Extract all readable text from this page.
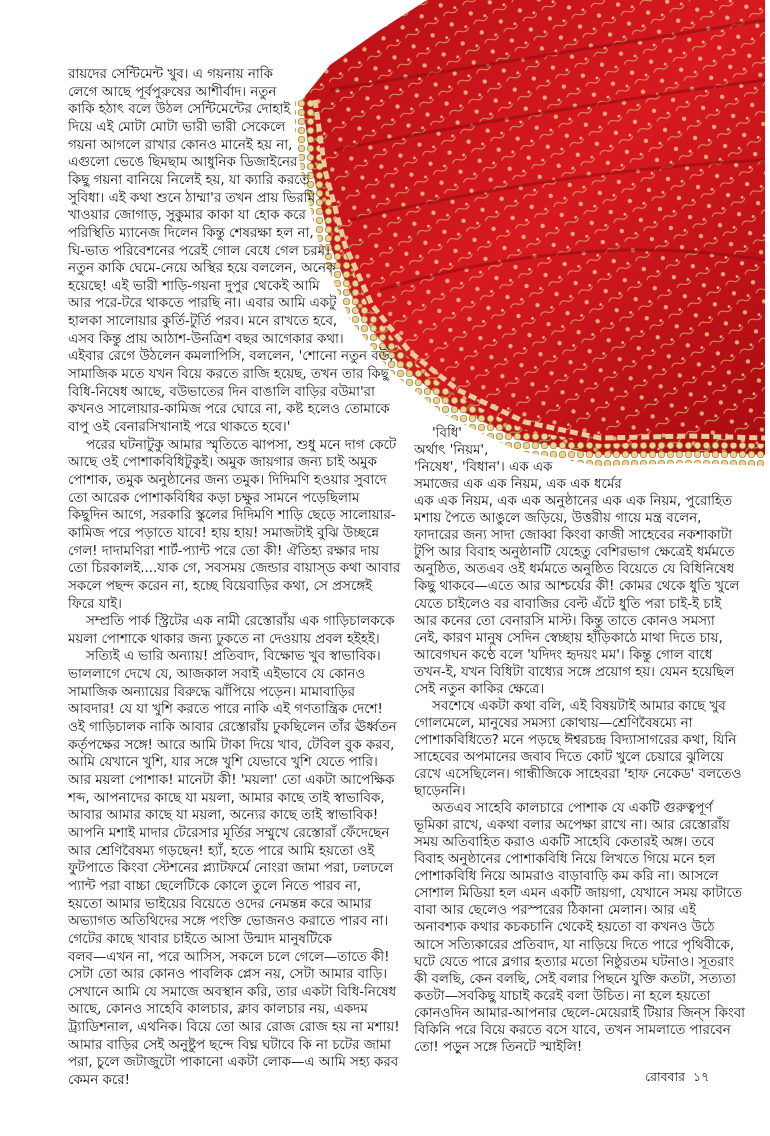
রায়দের সেন্টিমেন্ট খুব। এ গয়নায় নাকি
লেগে আছে পূর্বপুরুষের আশীর্বাদ। নতুন
কাকি হঠাৎ বলে উঠল সেন্টিমেন্টের দোহাই
দিয়ে এই মোটা মোটা ভারী ভারী সেকেলে
গয়না আগলে রাখার কোনও মানেই হয় না,
এগুলো ভেঙে ছিমছাম আধুনিক ডিজাইনের
কিছু গয়না বানিয়ে নিলেই হয়, যা ক্যারি করতে
সুবিধা। এই কথা শুনে ঠাম্মা'র তখন প্রায় ভিরমি
খাওয়ার জোগাড়, সুকুমার কাকা যা হোক করে
পরিস্থিতি ম্যানেজ দিলেন কিন্তু শেষরক্ষা হল না,
ঘি-ভাত পরিবেশনের পরেই গোল বেধে গেল চরম।
নতুন কাকি ঘেমে-নেয়ে অস্থির হয়ে বললেন, অনেক
হয়েছে! এই ভারী শাড়ি-গয়না দুপুর থেকেই আমি
আর পরে-টরে থাকতে পারছি না। এবার আমি একটু
হালকা সালোয়ার কুর্তি-টুর্তি পরব। মনে রাখতে হবে,
এসব কিন্তু প্রায় আঠাশ-উনত্রিশ বছর আগেকার কথা।
এইবার রেগে উঠলেন কমলাপিসি, বললেন, 'শোনো নতুন বউ,
সামাজিক মতে যখন বিয়ে করতে রাজি হয়েছ, তখন তার কিছু
বিধি-নিষেধ আছে, বউভাতের দিন বাঙালি বাড়ির বউমা'রা
কখনও সালোয়ার-কামিজ পরে ঘোরে না, কষ্ট হলেও তোমাকে
বাপু ওই বেনারসিখানাই পরে থাকতে হবে।'
পরের ঘটনাটুকু আমার স্মৃতিতে ঝাপসা, শুধু মনে দাগ কেটে
আছে ওই পোশাকবিধিটুকুই। অমুক জায়গার জন্য চাই অমুক
পোশাক, তমুক অনুষ্ঠানের জন্য তমুক। দিদিমণি হওয়ার সুবাদে
তো আরেক পোশাকবিধির কড়া চক্ষুর সামনে পড়েছিলাম
কিছুদিন আগে, সরকারি স্কুলের দিদিমণি শাড়ি ছেড়ে সালোয়ার-
কামিজ পরে পড়াতে যাবে! হায় হায়! সমাজটাই বুঝি উচ্ছন্নে
গেল! দাদামণিরা শার্ট-প্যান্ট পরে তো কী! ঐতিহ্য রক্ষার দায়
তো চিরকালই....যাক গে, সবসময় জেন্ডার বায়াস্‌ড কথা আবার
সকলে পছন্দ করেন না, হচ্ছে বিয়েবাড়ির কথা, সে প্রসঙ্গেই
ফিরে যাই।
সম্প্রতি পার্ক স্ট্রিটের এক নামী রেস্তোরাঁয় এক গাড়িচালককে
ময়লা পোশাকে থাকার জন্য ঢুকতে না দেওয়ায় প্রবল হইহই।
সত্যিই এ ভারি অন্যায়! প্রতিবাদ, বিক্ষোভ খুব স্বাভাবিক।
ভাললাগে দেখে যে, আজকাল সবাই এইভাবে যে কোনও
সামাজিক অন্যায়ের বিরুদ্ধে ঝাঁপিয়ে পড়েন। মামাবাড়ির
আবদার! যে যা খুশি করতে পারে নাকি এই গণতান্ত্রিক দেশে!
ওই গাড়িচালক নাকি আবার রেস্তোরাঁয় ঢুকছিলেন তাঁর ঊর্ধ্বতন
কর্তৃপক্ষের সঙ্গে! আরে আমি টাকা দিয়ে খাব, টেবিল বুক করব,
আমি যেখানে খুশি, যার সঙ্গে খুশি যেভাবে খুশি যেতে পারি।
আর ময়লা পোশাক! মানেটা কী! 'ময়লা' তো একটা আপেক্ষিক
শব্দ, আপনাদের কাছে যা ময়লা, আমার কাছে তাই স্বাভাবিক,
আবার আমার কাছে যা ময়লা, অন্যের কাছে তাই স্বাভাবিক!
আপনি মশাই মাদার টেরেসার মূর্তির সম্মুখে রেস্তোরাঁ ফেঁদেছেন
আর শ্রেণিবৈষম্য গড়ছেন! হ্যাঁ, হতে পারে আমি হয়তো ওই
ফুটপাতে কিংবা স্টেশনের প্ল্যাটফর্মে নোংরা জামা পরা, ঢলঢলে
প্যান্ট পরা বাচ্চা ছেলেটিকে কোলে তুলে নিতে পারব না,
হয়তো আমার ভাইয়ের বিয়েতে ওদের নেমন্তন্ন করে আমার
অভ্যাগত অতিথিদের সঙ্গে পংক্তি ভোজনও করাতে পারব না।
গেটের কাছে খাবার চাইতে আসা উন্মাদ মানুষটিকে
বলব—এখন না, পরে আসিস, সকলে চলে গেলে—তাতে কী!
সেটা তো আর কোনও পাবলিক প্লেস নয়, সেটা আমার বাড়ি।
সেখানে আমি যে সমাজে অবস্থান করি, তার একটা বিধি-নিষেধ
আছে, কোনও সাহেবি কালচার, ক্লাব কালচার নয়, একদম
ট্র্যাডিশনাল, এথনিক। বিয়ে তো আর রোজ রোজ হয় না মশায়!
আমার বাড়ির সেই অনুষ্টুপ ছন্দে বিঘ্ন ঘটাবে কি না চটের জামা
পরা, চুলে জটাজুটো পাকানো একটা লোক—এ আমি সহ্য করব
কেমন করে!
'বিধি'
অর্থাৎ 'নিয়ম',
'নিষেধ', 'বিধান'। এক এক
সমাজের এক এক নিয়ম, এক এক ধর্মের
এক এক নিয়ম, এক এক অনুষ্ঠানের এক এক নিয়ম, পুরোহিত
মশায় পৈতে আঙুলে জড়িয়ে, উত্তরীয় গায়ে মন্ত্র বলেন,
ফাদারের জন্য সাদা জোব্বা কিংবা কাজী সাহেবের নকশাকাটা
টুপি আর বিবাহ অনুষ্ঠানটি যেহেতু বেশিরভাগ ক্ষেত্রেই ধর্মমতে
অনুষ্ঠিত, অতএব ওই ধর্মমতে অনুষ্ঠিত বিয়েতে যে বিধিনিষেধ
কিছু থাকবে—এতে আর আশ্চর্যের কী! কোমর থেকে ধুতি খুলে
যেতে চাইলেও বর বাবাজির বেল্ট এঁটে ধুতি পরা চাই-ই চাই
আর কনের তো বেনারসি মাস্ট। কিন্তু তাতে কোনও সমস্যা
নেই, কারণ মানুষ সেদিন স্বেচ্ছায় হাঁড়িকাঠে মাথা দিতে চায়,
আবেগঘন কণ্ঠে বলে 'যদিদং হৃদয়ং মম'। কিন্তু গোল বাধে
তখন-ই, যখন বিধিটা বাধ্যের সঙ্গে প্রয়োগ হয়। যেমন হয়েছিল
সেই নতুন কাকির ক্ষেত্রে।
সবশেষে একটা কথা বলি, এই বিষয়টাই আমার কাছে খুব
গোলমেলে, মানুষের সমস্যা কোথায়—শ্রেণিবৈষম্যে না
পোশাকবিধিতে? মনে পড়ছে ঈশ্বরচন্দ্র বিদ্যাসাগরের কথা, যিনি
সাহেবের অপমানের জবাব দিতে কোট খুলে চেয়ারে ঝুলিয়ে
রেখে এসেছিলেন। গান্ধীজিকে সাহেবরা 'হাফ নেকেড' বলতেও
ছাড়েননি।
অতএব সাহেবি কালচারে পোশাক যে একটি গুরুত্বপূর্ণ
ভূমিকা রাখে, একথা বলার অপেক্ষা রাখে না। আর রেস্তোরাঁয়
সময় অতিবাহিত করাও একটি সাহেবি কেতারই অঙ্গ। তবে
বিবাহ অনুষ্ঠানের পোশাকবিধি নিয়ে লিখতে গিয়ে মনে হল
পোশাকবিধি নিয়ে আমরাও বাড়াবাড়ি কম করি না। আসলে
সোশাল মিডিয়া হল এমন একটি জায়গা, যেখানে সময় কাটাতে
বাবা আর ছেলেও পরস্পরের ঠিকানা মেলান। আর এই
অনাবশ্যক কথার কচকচানি থেকেই হয়তো বা কখনও উঠে
আসে সত্যিকারের প্রতিবাদ, যা নাড়িয়ে দিতে পারে পৃথিবীকে,
ঘটে যেতে পারে ব্লগার হত্যার মতো নিষ্ঠুরতম ঘটনাও। সূতরাং
কী বলছি, কেন বলছি, সেই বলার পিছনে যুক্তি কতটা, সত্যতা
কতটা—সবকিছু যাচাই করেই বলা উচিত। না হলে হয়তো
কোনওদিন আমার-আপনার ছেলে-মেয়েরাই টিয়ার জিন্‌স কিংবা
বিকিনি পরে বিয়ে করতে বসে যাবে, তখন সামলাতে পারবেন
তো! পড়ুন সঙ্গে তিনটে স্মাইলি!
রোববার ১৭
